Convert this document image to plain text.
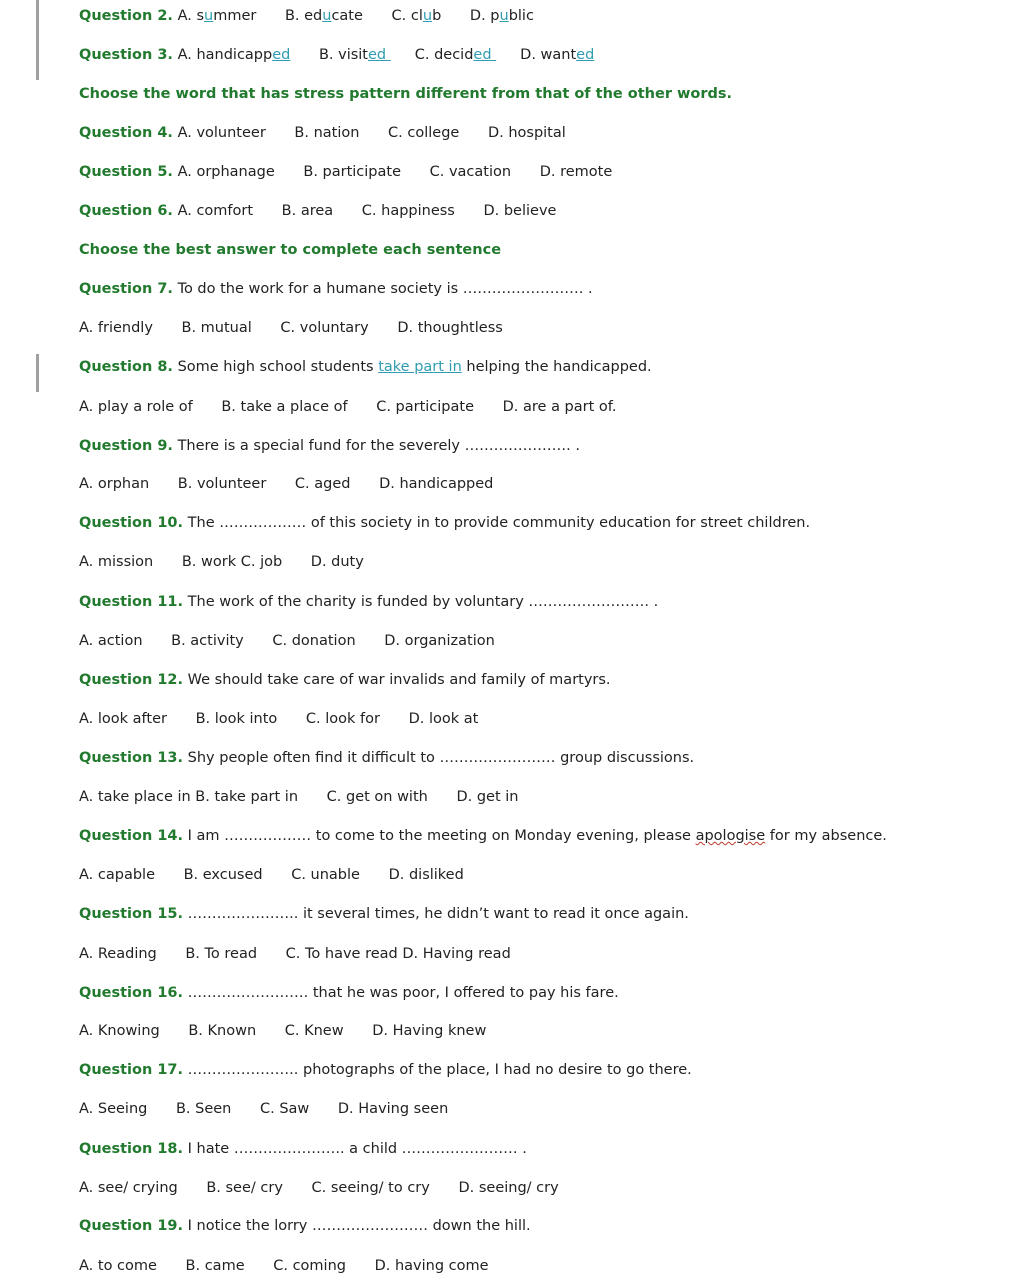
Question 2. A. summer B. educate C. club D. public
Question 3. A. handicapped B. visited C. decided D. wanted
Choose the word that has stress pattern different from that of the other words.
Question 4. A. volunteer B. nation C. college D. hospital
Question 5. A. orphanage B. participate C. vacation D. remote
Question 6. A. comfort B. area C. happiness D. believe
Choose the best answer to complete each sentence
Question 7. To do the work for a humane society is ……………………. .
A. friendly B. mutual C. voluntary D. thoughtless
Question 8. Some high school students take part in helping the handicapped.
A. play a role of B. take a place of C. participate D. are a part of.
Question 9. There is a special fund for the severely …………………. .
A. orphan B. volunteer C. aged D. handicapped
Question 10. The ……………… of this society in to provide community education for street children.
A. mission B. work C. job D. duty
Question 11. The work of the charity is funded by voluntary ……………………. .
A. action B. activity C. donation D. organization
Question 12. We should take care of war invalids and family of martyrs.
A. look after B. look into C. look for D. look at
Question 13. Shy people often find it difficult to …………………… group discussions.
A. take place in B. take part in C. get on with D. get in
Question 14. I am ……………… to come to the meeting on Monday evening, please apologise for my absence.
A. capable B. excused C. unable D. disliked
Question 15. ………………….. it several times, he didn’t want to read it once again.
A. Reading B. To read C. To have read D. Having read
Question 16. ……………………. that he was poor, I offered to pay his fare.
A. Knowing B. Known C. Knew D. Having knew
Question 17. ………………….. photographs of the place, I had no desire to go there.
A. Seeing B. Seen C. Saw D. Having seen
Question 18. I hate ………………….. a child …………………… .
A. see/ crying B. see/ cry C. seeing/ to cry D. seeing/ cry
Question 19. I notice the lorry …………………… down the hill.
A. to come B. came C. coming D. having come
